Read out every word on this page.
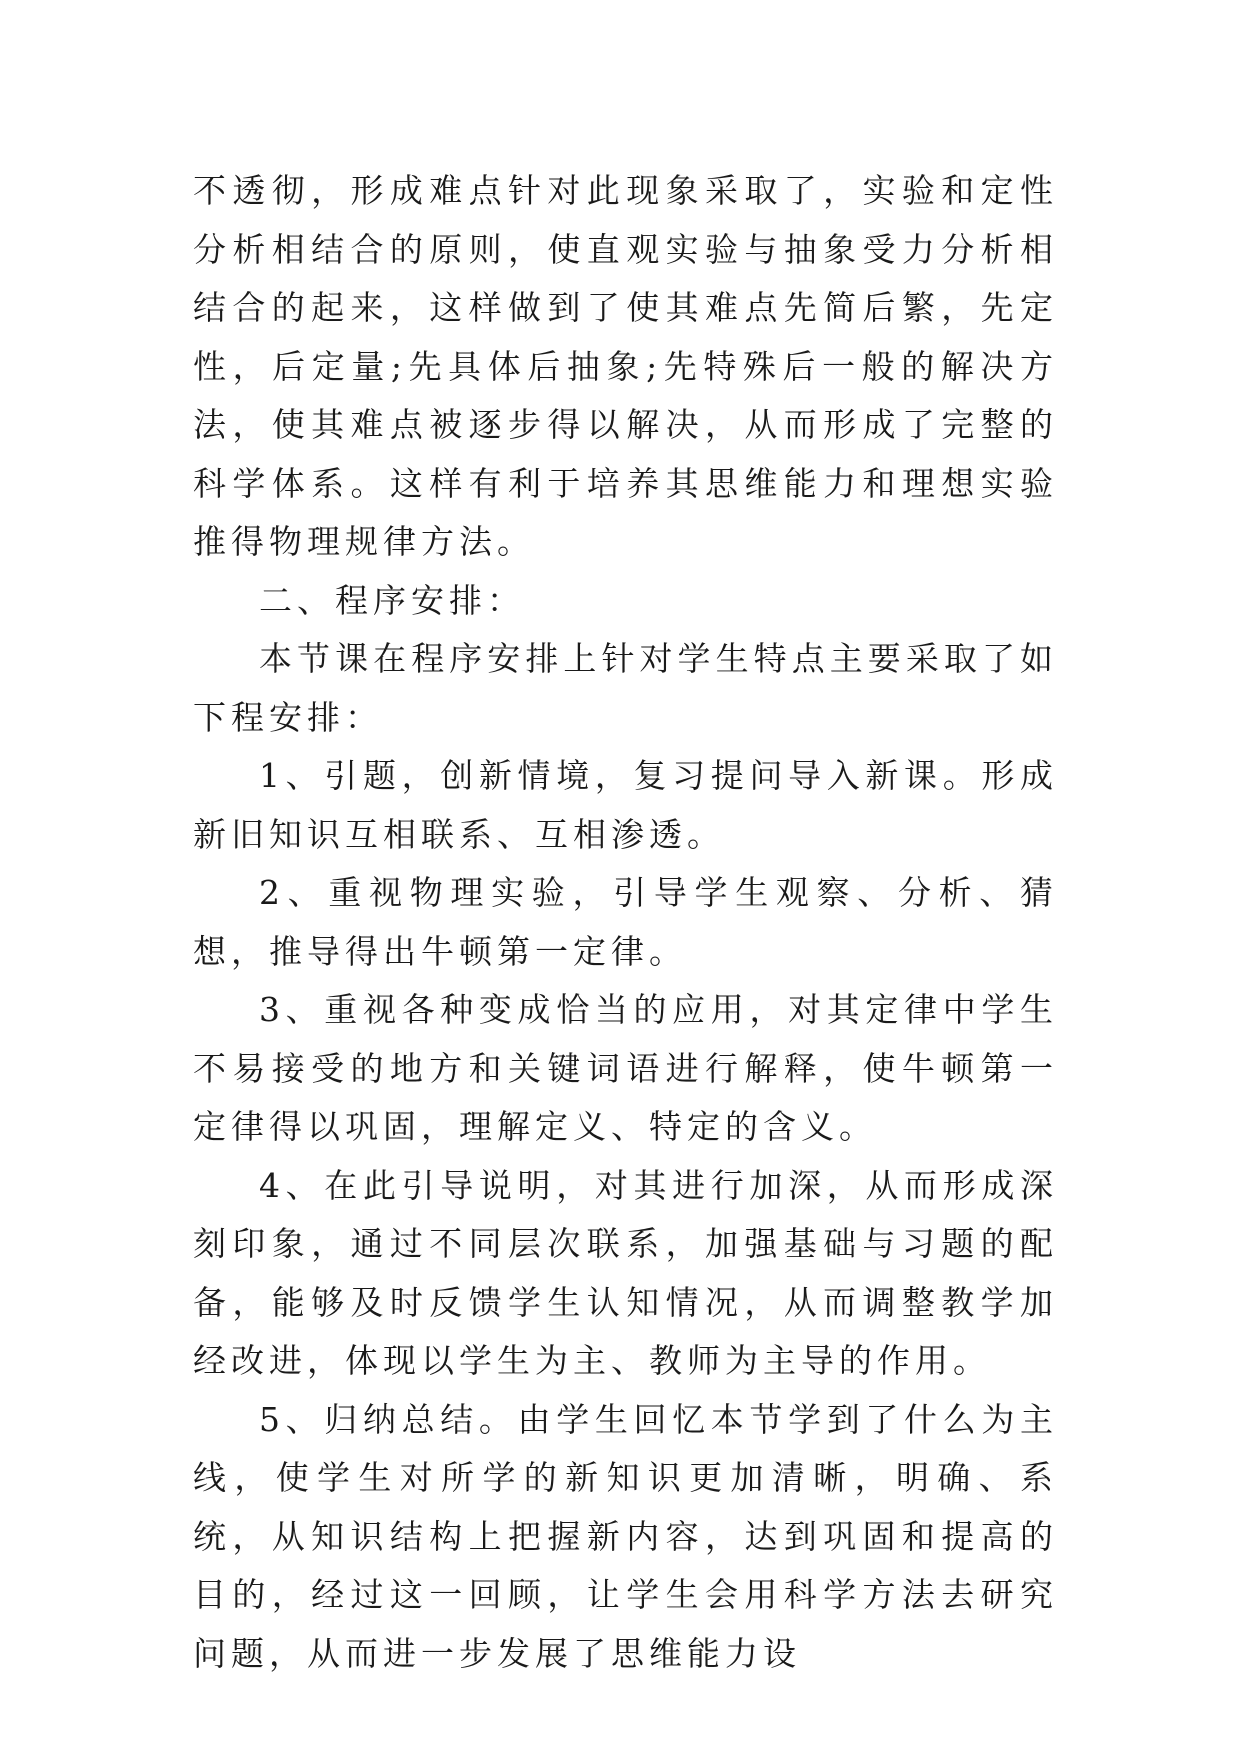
不透彻，形成难点针对此现象采取了，实验和定性分析相结合的原则，使直观实验与抽象受力分析相结合的起来，这样做到了使其难点先简后繁，先定性，后定量;先具体后抽象;先特殊后一般的解决方法，使其难点被逐步得以解决，从而形成了完整的科学体系。这样有利于培养其思维能力和理想实验推得物理规律方法。

二、程序安排：

本节课在程序安排上针对学生特点主要采取了如下程安排：

1、引题，创新情境，复习提问导入新课。形成新旧知识互相联系、互相渗透。

2、重视物理实验，引导学生观察、分析、猜想，推导得出牛顿第一定律。

3、重视各种变成恰当的应用，对其定律中学生不易接受的地方和关键词语进行解释，使牛顿第一定律得以巩固，理解定义、特定的含义。

4、在此引导说明，对其进行加深，从而形成深刻印象，通过不同层次联系，加强基础与习题的配备，能够及时反馈学生认知情况，从而调整教学加经改进，体现以学生为主、教师为主导的作用。

5、归纳总结。由学生回忆本节学到了什么为主线，使学生对所学的新知识更加清晰，明确、系统，从知识结构上把握新内容，达到巩固和提高的目的，经过这一回顾，让学生会用科学方法去研究问题，从而进一步发展了思维能力设
